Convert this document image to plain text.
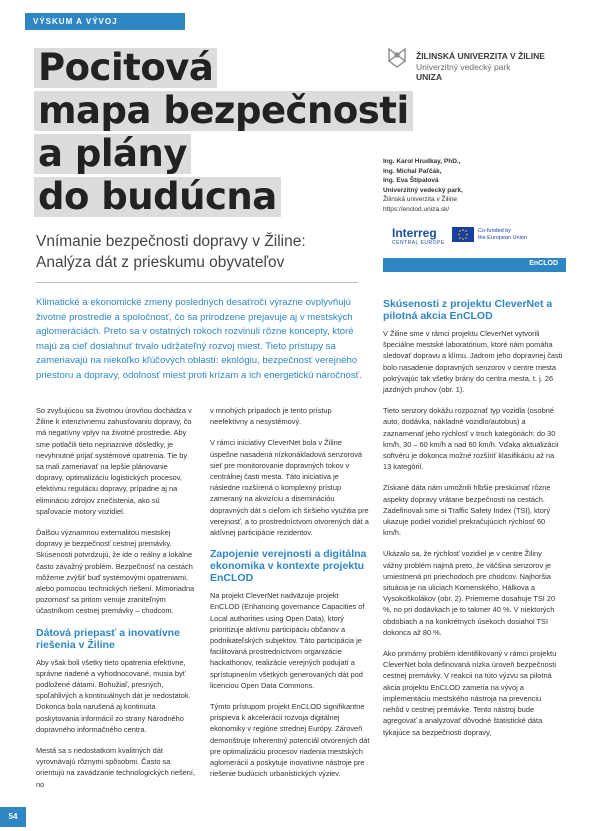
VÝSKUM A VÝVOJ
ŽILINSKÁ UNIVERZITA V ŽILINE
Univerzitný vedecký park
UNIZA
Pocitová
mapa bezpečnosti
a plány
do budúcna
Ing. Karol Hrudkay, PhD.,
Ing. Michal Paľčák,
Ing. Eva Štípalová
Univerzitný vedecký park,
Žilinská univerzita v Žiline
https://enclod.uniza.sk/
Vnímanie bezpečnosti dopravy v Žiline:
Analýza dát z prieskumu obyvateľov
Interreg
CENTRAL EUROPE
Co-funded by
the European Union
EnCLOD
Klimatické a ekonomické zmeny posledných desaťročí výrazne ovplyvňujú životné prostredie a spoločnosť, čo sa prirodzene prejavuje aj v mestských aglomeráciách. Preto sa v ostatných rokoch rozvinuli rôzne koncepty, ktoré majú za cieľ dosiahnuť trvalo udržateľný rozvoj miest. Tieto prístupy sa zameriavajú na niekoľko kľúčových oblastí: ekológiu, bezpečnosť verejného priestoru a dopravy, odolnosť miest proti krízam a ich energetickú náročnosť.

So zvyšujúcou sa životnou úrovňou dochádza v Žiline k intenzívnemu zahusťovaniu dopravy, čo má negatívny vplyv na životné prostredie. Aby sme potlačili tieto nepriaznivé dôsledky, je nevyhnutné prijať systémové opatrenia. Tie by sa mali zameriavať na lepšie plánovanie dopravy, optimalizáciu logistických procesov, efektívnu reguláciu dopravy, prípadne aj na elimináciu zdrojov znečistenia, ako sú spaľovacie motory vozidiel.

Ďalšou významnou externalitou mestskej dopravy je bezpečnosť cestnej premávky. Skúsenosti potvrdzujú, že ide o reálny a lokálne často závažný problém. Bezpečnosť na cestách môžeme zvýšiť buď systémovými opatreniami, alebo pomocou technických riešení. Mimoriadna pozornosť sa pritom venuje zraniteľným účastníkom cestnej premávky – chodcom.

Dátová priepasť a inovatívne riešenia v Žiline

Aby však boli všetky tieto opatrenia efektívne, správne riadené a vyhodnocované, musia byť podložené dátami. Bohužiaľ, presných, spoľahlivých a kontinuálnych dát je nedostatok. Dokonca bola narušená aj kontinuita poskytovania informácií zo strany Národného dopravného informačného centra.

Mestá sa s nedostatkom kvalitných dát vyrovnávajú rôznymi spôsobmi. Často sa orientujú na zavádzanie technologických riešení, no

v mnohých prípadoch je tento prístup neefektívny a nesystémový.

V rámci iniciatívy CleverNet bola v Žiline úspešne nasadená nízkonákladová senzorová sieť pre monitorovanie dopravných tokov v centrálnej časti mesta. Táto iniciatíva je následne rozšírená o komplexný prístup zameraný na akvizíciu a diseminációu dopravných dát s cieľom ich širšieho využitia pre verejnosť, a to prostredníctvom otvorených dát a aktívnej participácie rezidentov.

Zapojenie verejnosti a digitálna ekonomika v kontexte projektu EnCLOD

Na projekt CleverNet nadväzuje projekt EnCLOD (Enhancing governance Capacities of Local authorities using Open Data), ktorý prioritizuje aktívnu participáciu občanov a podnikateľských subjektov. Táto participácia je facilitovaná prostredníctvom organizácie hackathonov, realizácie verejných podujatí a sprístupnením všetkých generovaných dát pod licenciou Open Data Commons.

Týmto prístupom projekt EnCLOD signifikantne prispieva k akcelerácii rozvoja digitálnej ekonomiky v regióne strednej Európy. Zároveň demonštruje inherentný potenciál otvorených dát pre optimalizáciu procesov riadenia mestských aglomerácií a poskytuje inovatívne nástroje pre riešenie budúcich urbanistických výziev.

Skúsenosti z projektu CleverNet a pilotná akcia EnCLOD

V Žiline sme v rámci projektu CleverNet vytvorili špeciálne mestské laboratórium, ktoré nám pomáha sledovať dopravu a klímu. Jadrom jeho dopravnej časti bolo nasadenie dopravných senzorov v centre mesta pokrývajúc tak všetky brány do centra mesta, t. j. 26 jazdných pruhov (obr. 1).

Tieto senzory dokážu rozpoznať typ vozidla (osobné auto, dodávka, nákladné vozidlo/autobus) a zaznamenať jeho rýchlosť v troch kategóriách: do 30 km/h, 30 – 60 km/h a nad 60 km/h. Vďaka aktualizácii softvéru je dokonca možné rozšíriť klasifikáciu až na 13 kategórií.

Získané dáta nám umožnili hlbšie preskúmať rôzne aspekty dopravy vrátane bezpečnosti na cestách. Zadefinovali sme si Traffic Safety Index (TSI), ktorý ukazuje podiel vozidiel prekračujúcich rýchlosť 60 km/h.

Ukázalo sa, že rýchlosť vozidiel je v centre Žiliny vážny problém najmä preto, že väčšina senzorov je umiestnená pri priechodoch pre chodcov. Najhoršia situácia je na uliciach Komenského, Hálkova a Vysokoškolákov (obr. 2). Priemerne dosahuje TSI 20 %, no pri dodávkach je to takmer 40 %. V niektorých obdobiach a na konkrétnych úsekoch dosiahol TSI dokonca až 80 %.

Ako primárny problém identifikovaný v rámci projektu CleverNet bola definovaná nízka úroveň bezpečnosti cestnej premávky. V reakcii na túto výzvu sa pilotná akcia projektu EnCLOD zameria na vývoj a implementáciu mestského nástroja na prevenciu nehôd v cestnej premávke. Tento nástroj bude agregovať a analyzovať dôvodné štatistické dáta týkajúce sa bezpečnosti dopravy,

54
